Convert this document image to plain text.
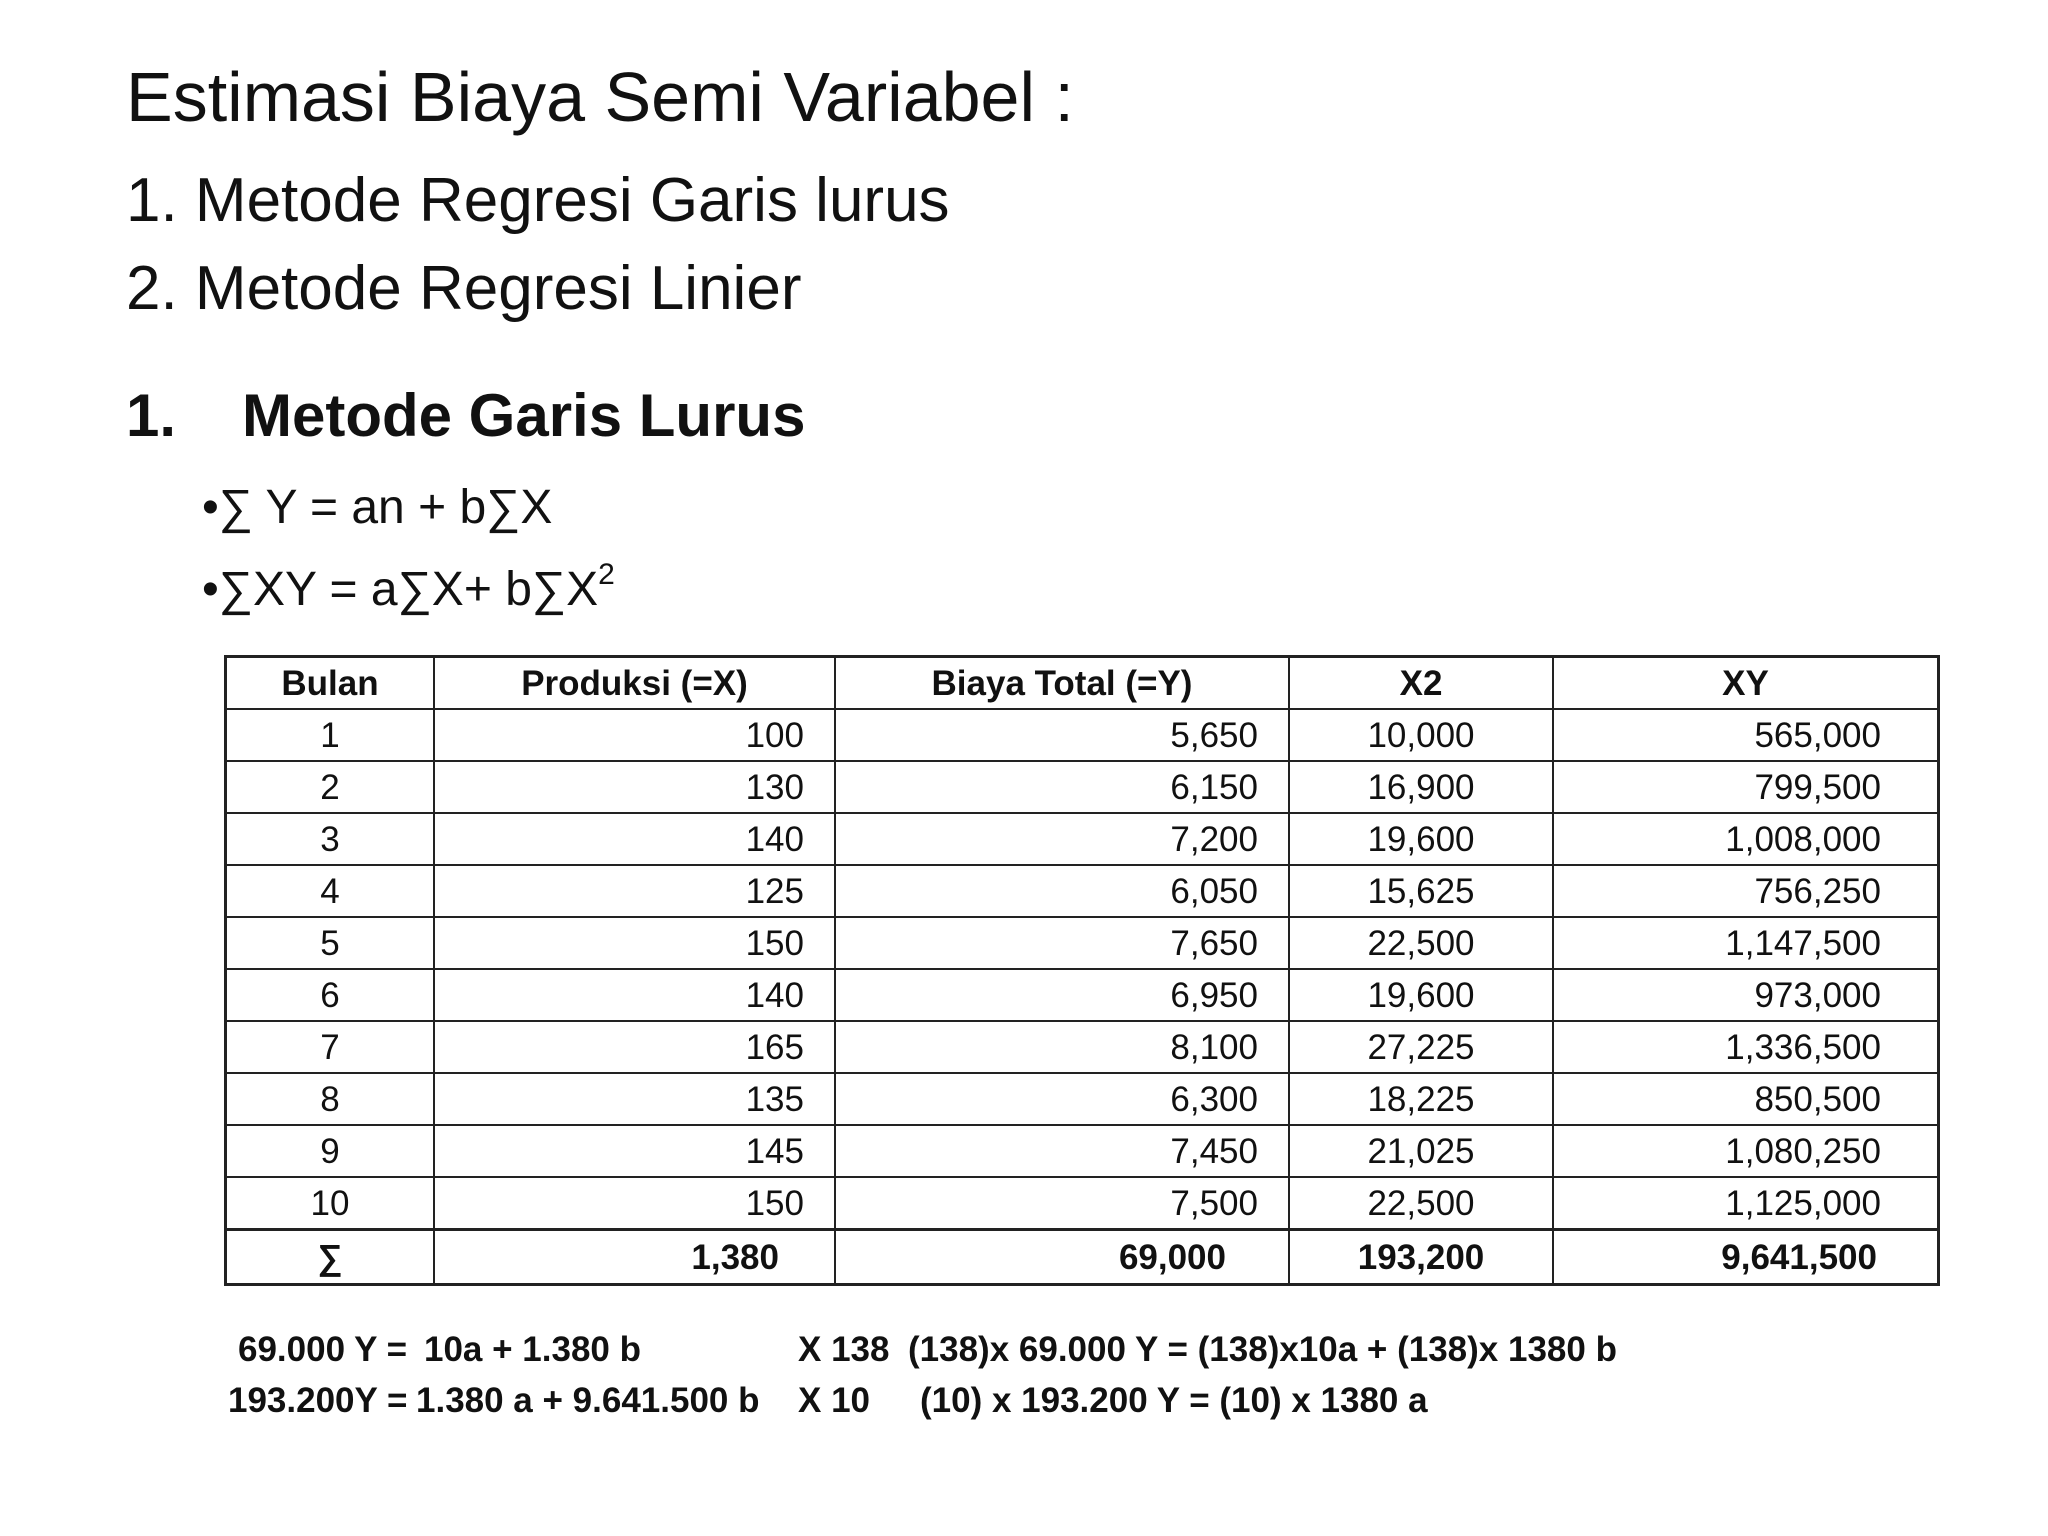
Estimasi Biaya Semi Variabel :
1. Metode Regresi Garis lurus
2. Metode Regresi Linier
1. Metode Garis Lurus
•∑ Y = an + b∑X
•∑XY = $a\sum X+ b\sum X^2$
Bulan	Produksi (=X)	Biaya Total (=Y)	X2	XY
1	100	5,650	10,000	565,000
2	130	6,150	16,900	799,500
3	140	7,200	19,600	1,008,000
4	125	6,050	15,625	756,250
5	150	7,650	22,500	1,147,500
6	140	6,950	19,600	973,000
7	165	8,100	27,225	1,336,500
8	135	6,300	18,225	850,500
9	145	7,450	21,025	1,080,250
10	150	7,500	22,500	1,125,000
∑	1,380	69,000	193,200	9,641,500
69.000 Y = 10a + 1.380 b	X 138 (138)x 69.000 Y = (138)x10a + (138)x 1380 b
193.200Y = 1.380 a + 9.641.500 b X 10 (10) x 193.200 Y = (10) x 1380 a
